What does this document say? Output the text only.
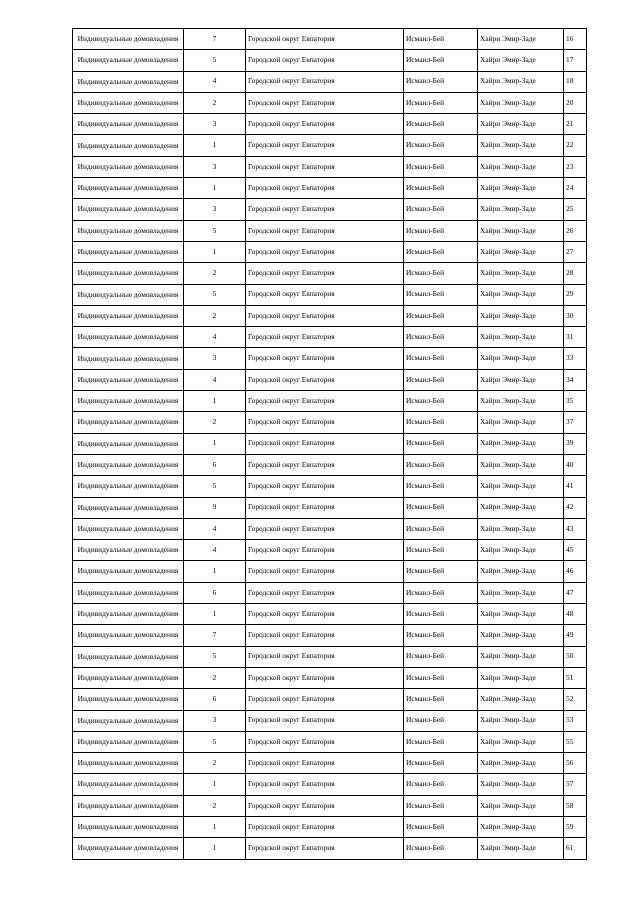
Индивидуальные домовладения	7	Городской округ Евпатория	Исмаил-Бей	Хайри Эмир-Заде	16
Индивидуальные домовладения	5	Городской округ Евпатория	Исмаил-Бей	Хайри Эмир-Заде	17
Индивидуальные домовладения	4	Городской округ Евпатория	Исмаил-Бей	Хайри Эмир-Заде	18
Индивидуальные домовладения	2	Городской округ Евпатория	Исмаил-Бей	Хайри Эмир-Заде	20
Индивидуальные домовладения	3	Городской округ Евпатория	Исмаил-Бей	Хайри Эмир-Заде	21
Индивидуальные домовладения	1	Городской округ Евпатория	Исмаил-Бей	Хайри Эмир-Заде	22
Индивидуальные домовладения	3	Городской округ Евпатория	Исмаил-Бей	Хайри Эмир-Заде	23
Индивидуальные домовладения	1	Городской округ Евпатория	Исмаил-Бей	Хайри Эмир-Заде	24
Индивидуальные домовладения	3	Городской округ Евпатория	Исмаил-Бей	Хайри Эмир-Заде	25
Индивидуальные домовладения	5	Городской округ Евпатория	Исмаил-Бей	Хайри Эмир-Заде	26
Индивидуальные домовладения	1	Городской округ Евпатория	Исмаил-Бей	Хайри Эмир-Заде	27
Индивидуальные домовладения	2	Городской округ Евпатория	Исмаил-Бей	Хайри Эмир-Заде	28
Индивидуальные домовладения	5	Городской округ Евпатория	Исмаил-Бей	Хайри Эмир-Заде	29
Индивидуальные домовладения	2	Городской округ Евпатория	Исмаил-Бей	Хайри Эмир-Заде	30
Индивидуальные домовладения	4	Городской округ Евпатория	Исмаил-Бей	Хайри Эмир-Заде	31
Индивидуальные домовладения	3	Городской округ Евпатория	Исмаил-Бей	Хайри Эмир-Заде	33
Индивидуальные домовладения	4	Городской округ Евпатория	Исмаил-Бей	Хайри Эмир-Заде	34
Индивидуальные домовладения	1	Городской округ Евпатория	Исмаил-Бей	Хайри Эмир-Заде	35
Индивидуальные домовладения	2	Городской округ Евпатория	Исмаил-Бей	Хайри Эмир-Заде	37
Индивидуальные домовладения	1	Городской округ Евпатория	Исмаил-Бей	Хайри Эмир-Заде	39
Индивидуальные домовладения	6	Городской округ Евпатория	Исмаил-Бей	Хайри Эмир-Заде	40
Индивидуальные домовладения	5	Городской округ Евпатория	Исмаил-Бей	Хайри Эмир-Заде	41
Индивидуальные домовладения	9	Городской округ Евпатория	Исмаил-Бей	Хайри Эмир-Заде	42
Индивидуальные домовладения	4	Городской округ Евпатория	Исмаил-Бей	Хайри Эмир-Заде	43
Индивидуальные домовладения	4	Городской округ Евпатория	Исмаил-Бей	Хайри Эмир-Заде	45
Индивидуальные домовладения	1	Городской округ Евпатория	Исмаил-Бей	Хайри Эмир-Заде	46
Индивидуальные домовладения	6	Городской округ Евпатория	Исмаил-Бей	Хайри Эмир-Заде	47
Индивидуальные домовладения	1	Городской округ Евпатория	Исмаил-Бей	Хайри Эмир-Заде	48
Индивидуальные домовладения	7	Городской округ Евпатория	Исмаил-Бей	Хайри Эмир-Заде	49
Индивидуальные домовладения	5	Городской округ Евпатория	Исмаил-Бей	Хайри Эмир-Заде	50
Индивидуальные домовладения	2	Городской округ Евпатория	Исмаил-Бей	Хайри Эмир-Заде	51
Индивидуальные домовладения	6	Городской округ Евпатория	Исмаил-Бей	Хайри Эмир-Заде	52
Индивидуальные домовладения	3	Городской округ Евпатория	Исмаил-Бей	Хайри Эмир-Заде	53
Индивидуальные домовладения	5	Городской округ Евпатория	Исмаил-Бей	Хайри Эмир-Заде	55
Индивидуальные домовладения	2	Городской округ Евпатория	Исмаил-Бей	Хайри Эмир-Заде	56
Индивидуальные домовладения	1	Городской округ Евпатория	Исмаил-Бей	Хайри Эмир-Заде	57
Индивидуальные домовладения	2	Городской округ Евпатория	Исмаил-Бей	Хайри Эмир-Заде	58
Индивидуальные домовладения	1	Городской округ Евпатория	Исмаил-Бей	Хайри Эмир-Заде	59
Индивидуальные домовладения	1	Городской округ Евпатория	Исмаил-Бей	Хайри Эмир-Заде	61
